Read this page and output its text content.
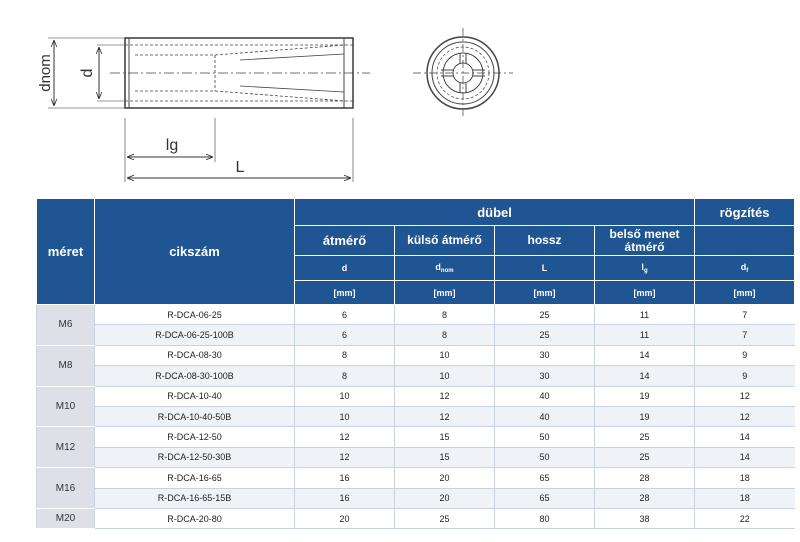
dnom d
lg
L
méret	cikszám	dübel				rögzítés
		átmérő	külső átmérő	hossz	belső menet átmérő	
		d	$d_{nom}$	L	$l_g$	$d_f$
		[mm]	[mm]	[mm]	[mm]	[mm]
M6	R-DCA-06-25	6	8	25	11	7
	R-DCA-06-25-100B	6	8	25	11	7
M8	R-DCA-08-30	8	10	30	14	9
	R-DCA-08-30-100B	8	10	30	14	9
M10	R-DCA-10-40	10	12	40	19	12
	R-DCA-10-40-50B	10	12	40	19	12
M12	R-DCA-12-50	12	15	50	25	14
	R-DCA-12-50-30B	12	15	50	25	14
M16	R-DCA-16-65	16	20	65	28	18
	R-DCA-16-65-15B	16	20	65	28	18
M20	R-DCA-20-80	20	25	80	38	22
